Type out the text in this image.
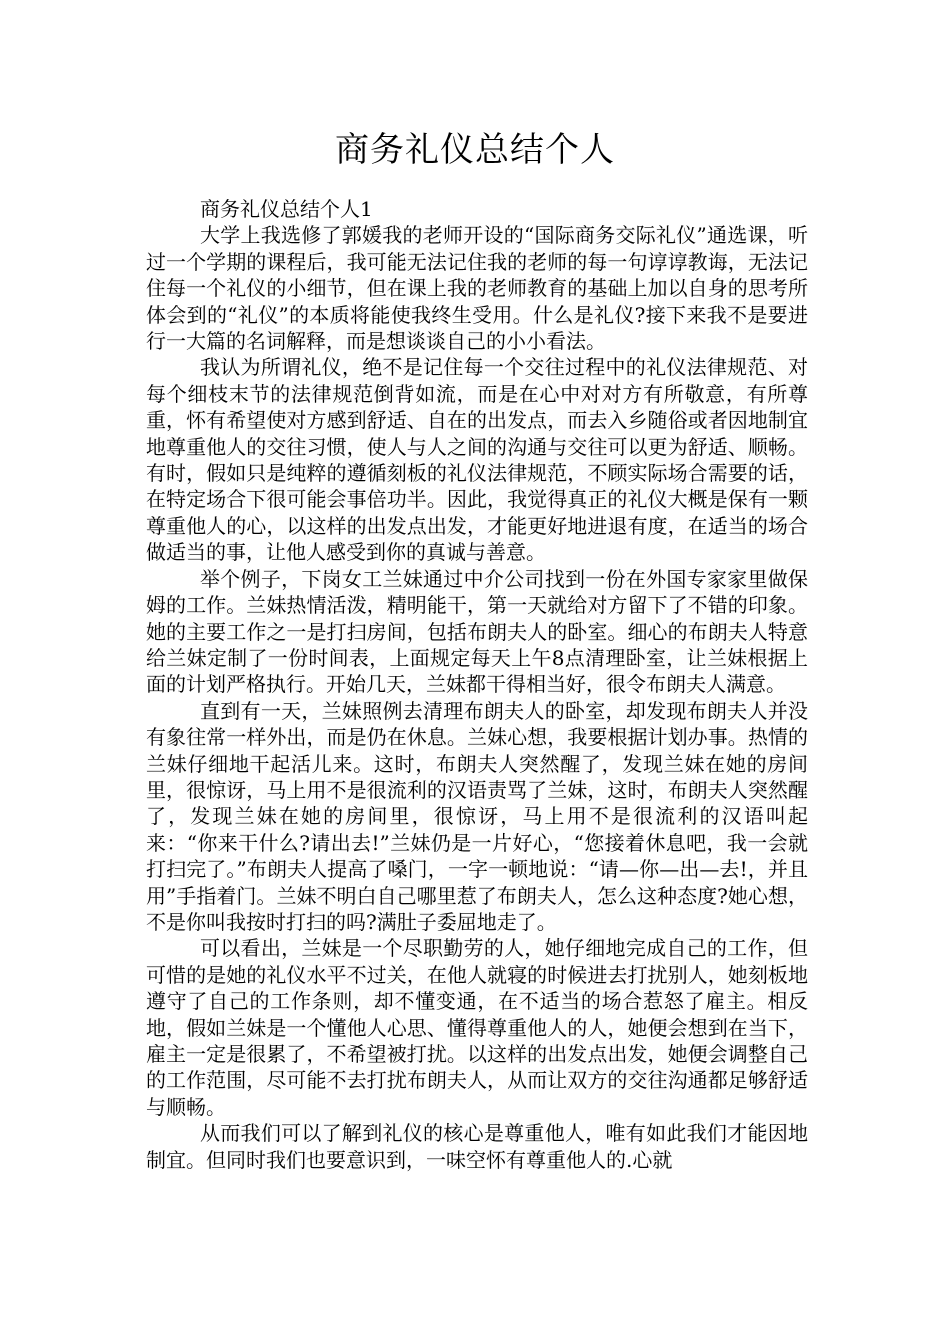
商务礼仪总结个人

商务礼仪总结个人1

大学上我选修了郭媛我的老师开设的“国际商务交际礼仪”通选课，听过一个学期的课程后，我可能无法记住我的老师的每一句谆谆教诲，无法记住每一个礼仪的小细节，但在课上我的老师教育的基础上加以自身的思考所体会到的“礼仪”的本质将能使我终生受用。什么是礼仪?接下来我不是要进行一大篇的名词解释，而是想谈谈自己的小小看法。

我认为所谓礼仪，绝不是记住每一个交往过程中的礼仪法律规范、对每个细枝末节的法律规范倒背如流，而是在心中对对方有所敬意，有所尊重，怀有希望使对方感到舒适、自在的出发点，而去入乡随俗或者因地制宜地尊重他人的交往习惯，使人与人之间的沟通与交往可以更为舒适、顺畅。有时，假如只是纯粹的遵循刻板的礼仪法律规范，不顾实际场合需要的话，在特定场合下很可能会事倍功半。因此，我觉得真正的礼仪大概是保有一颗尊重他人的心，以这样的出发点出发，才能更好地进退有度，在适当的场合做适当的事，让他人感受到你的真诚与善意。

举个例子，下岗女工兰妹通过中介公司找到一份在外国专家家里做保姆的工作。兰妹热情活泼，精明能干，第一天就给对方留下了不错的印象。她的主要工作之一是打扫房间，包括布朗夫人的卧室。细心的布朗夫人特意给兰妹定制了一份时间表，上面规定每天上午8点清理卧室，让兰妹根据上面的计划严格执行。开始几天，兰妹都干得相当好，很令布朗夫人满意。

直到有一天，兰妹照例去清理布朗夫人的卧室，却发现布朗夫人并没有象往常一样外出，而是仍在休息。兰妹心想，我要根据计划办事。热情的兰妹仔细地干起活儿来。这时，布朗夫人突然醒了，发现兰妹在她的房间里，很惊讶，马上用不是很流利的汉语责骂了兰妹，这时，布朗夫人突然醒了，发现兰妹在她的房间里，很惊讶，马上用不是很流利的汉语叫起来：“你来干什么?请出去!”兰妹仍是一片好心，“您接着休息吧，我一会就打扫完了。”布朗夫人提高了嗓门，一字一顿地说：“请—你—出—去!，并且用”手指着门。兰妹不明白自己哪里惹了布朗夫人，怎么这种态度?她心想，不是你叫我按时打扫的吗?满肚子委屈地走了。

可以看出，兰妹是一个尽职勤劳的人，她仔细地完成自己的工作，但可惜的是她的礼仪水平不过关，在他人就寝的时候进去打扰别人，她刻板地遵守了自己的工作条则，却不懂变通，在不适当的场合惹怒了雇主。相反地，假如兰妹是一个懂他人心思、懂得尊重他人的人，她便会想到在当下，雇主一定是很累了，不希望被打扰。以这样的出发点出发，她便会调整自己的工作范围，尽可能不去打扰布朗夫人，从而让双方的交往沟通都足够舒适与顺畅。

从而我们可以了解到礼仪的核心是尊重他人，唯有如此我们才能因地制宜。但同时我们也要意识到，一味空怀有尊重他人的.心就
